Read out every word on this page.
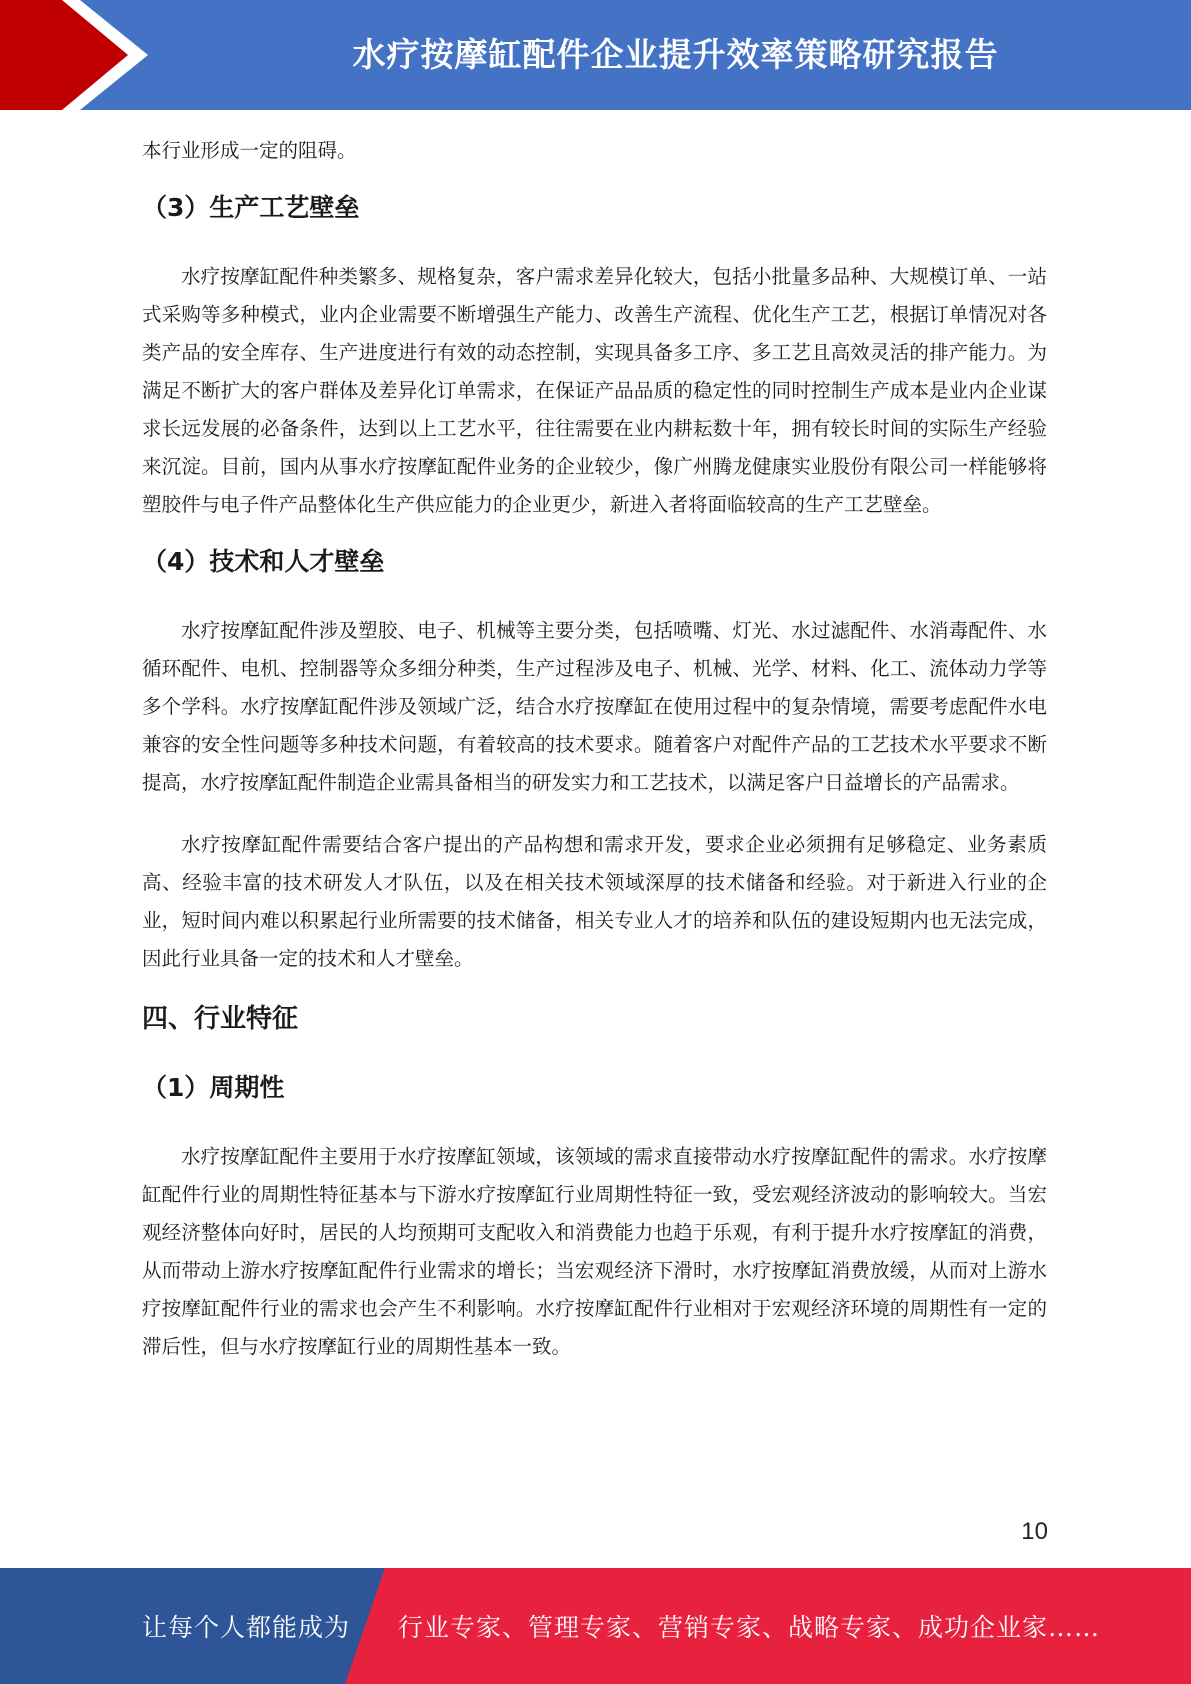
水疗按摩缸配件企业提升效率策略研究报告

本行业形成一定的阻碍。

（3）生产工艺壁垒

水疗按摩缸配件种类繁多、规格复杂，客户需求差异化较大，包括小批量多品种、大规模订单、一站式采购等多种模式，业内企业需要不断增强生产能力、改善生产流程、优化生产工艺，根据订单情况对各类产品的安全库存、生产进度进行有效的动态控制，实现具备多工序、多工艺且高效灵活的排产能力。为满足不断扩大的客户群体及差异化订单需求，在保证产品品质的稳定性的同时控制生产成本是业内企业谋求长远发展的必备条件，达到以上工艺水平，往往需要在业内耕耘数十年，拥有较长时间的实际生产经验来沉淀。目前，国内从事水疗按摩缸配件业务的企业较少，像广州腾龙健康实业股份有限公司一样能够将塑胶件与电子件产品整体化生产供应能力的企业更少，新进入者将面临较高的生产工艺壁垒。

（4）技术和人才壁垒

水疗按摩缸配件涉及塑胶、电子、机械等主要分类，包括喷嘴、灯光、水过滤配件、水消毒配件、水循环配件、电机、控制器等众多细分种类，生产过程涉及电子、机械、光学、材料、化工、流体动力学等多个学科。水疗按摩缸配件涉及领域广泛，结合水疗按摩缸在使用过程中的复杂情境，需要考虑配件水电兼容的安全性问题等多种技术问题，有着较高的技术要求。随着客户对配件产品的工艺技术水平要求不断提高，水疗按摩缸配件制造企业需具备相当的研发实力和工艺技术，以满足客户日益增长的产品需求。

水疗按摩缸配件需要结合客户提出的产品构想和需求开发，要求企业必须拥有足够稳定、业务素质高、经验丰富的技术研发人才队伍，以及在相关技术领域深厚的技术储备和经验。对于新进入行业的企业，短时间内难以积累起行业所需要的技术储备，相关专业人才的培养和队伍的建设短期内也无法完成，因此行业具备一定的技术和人才壁垒。

四、行业特征
（1）周期性

水疗按摩缸配件主要用于水疗按摩缸领域，该领域的需求直接带动水疗按摩缸配件的需求。水疗按摩缸配件行业的周期性特征基本与下游水疗按摩缸行业周期性特征一致，受宏观经济波动的影响较大。当宏观经济整体向好时，居民的人均预期可支配收入和消费能力也趋于乐观，有利于提升水疗按摩缸的消费，从而带动上游水疗按摩缸配件行业需求的增长；当宏观经济下滑时，水疗按摩缸消费放缓，从而对上游水疗按摩缸配件行业的需求也会产生不利影响。水疗按摩缸配件行业相对于宏观经济环境的周期性有一定的滞后性，但与水疗按摩缸行业的周期性基本一致。

10
让每个人都能成为	行业专家、管理专家、营销专家、战略专家、成功企业家……
